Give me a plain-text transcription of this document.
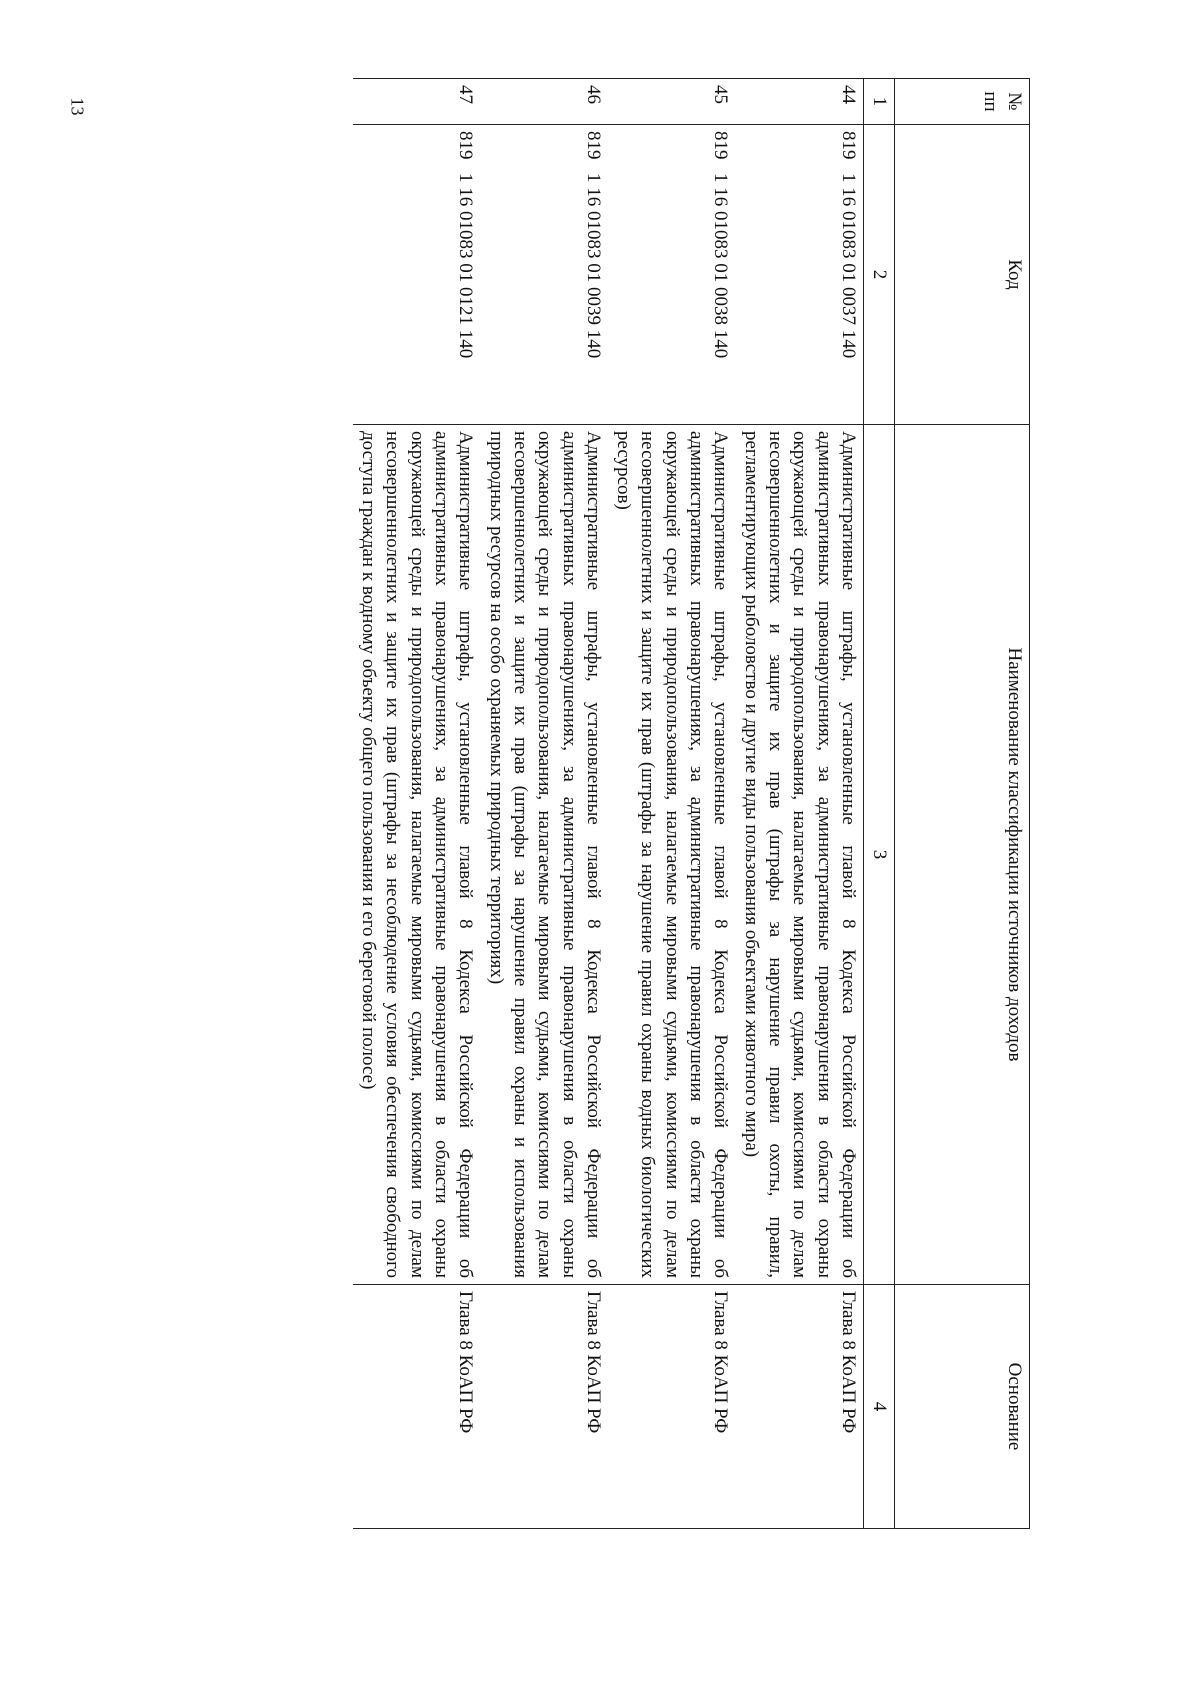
13	№ пп	Код	Наименование классификации источников доходов	Основание
1	2	3	4
44	8191 16 01083 01 0037 140	Административные штрафы, установленные главой 8 Кодекса Российской Федерации об административных правонарушениях, за административные правонарушения в области охраны окружающей среды и природопользования, налагаемые мировыми судьями, комиссиями по делам несовершеннолетних и защите их прав (штрафы за нарушение правил охоты, правил, регламентирующих рыболовство и другие виды пользования объектами животного мира)	Глава 8 КоАП РФ
45	8191 16 01083 01 0038 140	Административные штрафы, установленные главой 8 Кодекса Российской Федерации об административных правонарушениях, за административные правонарушения в области охраны окружающей среды и природопользования, налагаемые мировыми судьями, комиссиями по делам несовершеннолетних и защите их прав (штрафы за нарушение правил охраны водных биологических ресурсов)	Глава 8 КоАП РФ
46	8191 16 01083 01 0039 140	Административные штрафы, установленные главой 8 Кодекса Российской Федерации об административных правонарушениях, за административные правонарушения в области охраны окружающей среды и природопользования, налагаемые мировыми судьями, комиссиями по делам несовершеннолетних и защите их прав (штрафы за нарушение правил охраны и использования природных ресурсов на особо охраняемых природных территориях)	Глава 8 КоАП РФ
47	8191 16 01083 01 0121 140	Административные штрафы, установленные главой 8 Кодекса Российской Федерации об административных правонарушениях, за административные правонарушения в области охраны окружающей среды и природопользования, налагаемые мировыми судьями, комиссиями по делам несовершеннолетних и защите их прав (штрафы за несоблюдение условия обеспечения свободного доступа граждан к водному объекту общего пользования и его береговой полосе)	Глава 8 КоАП РФ
